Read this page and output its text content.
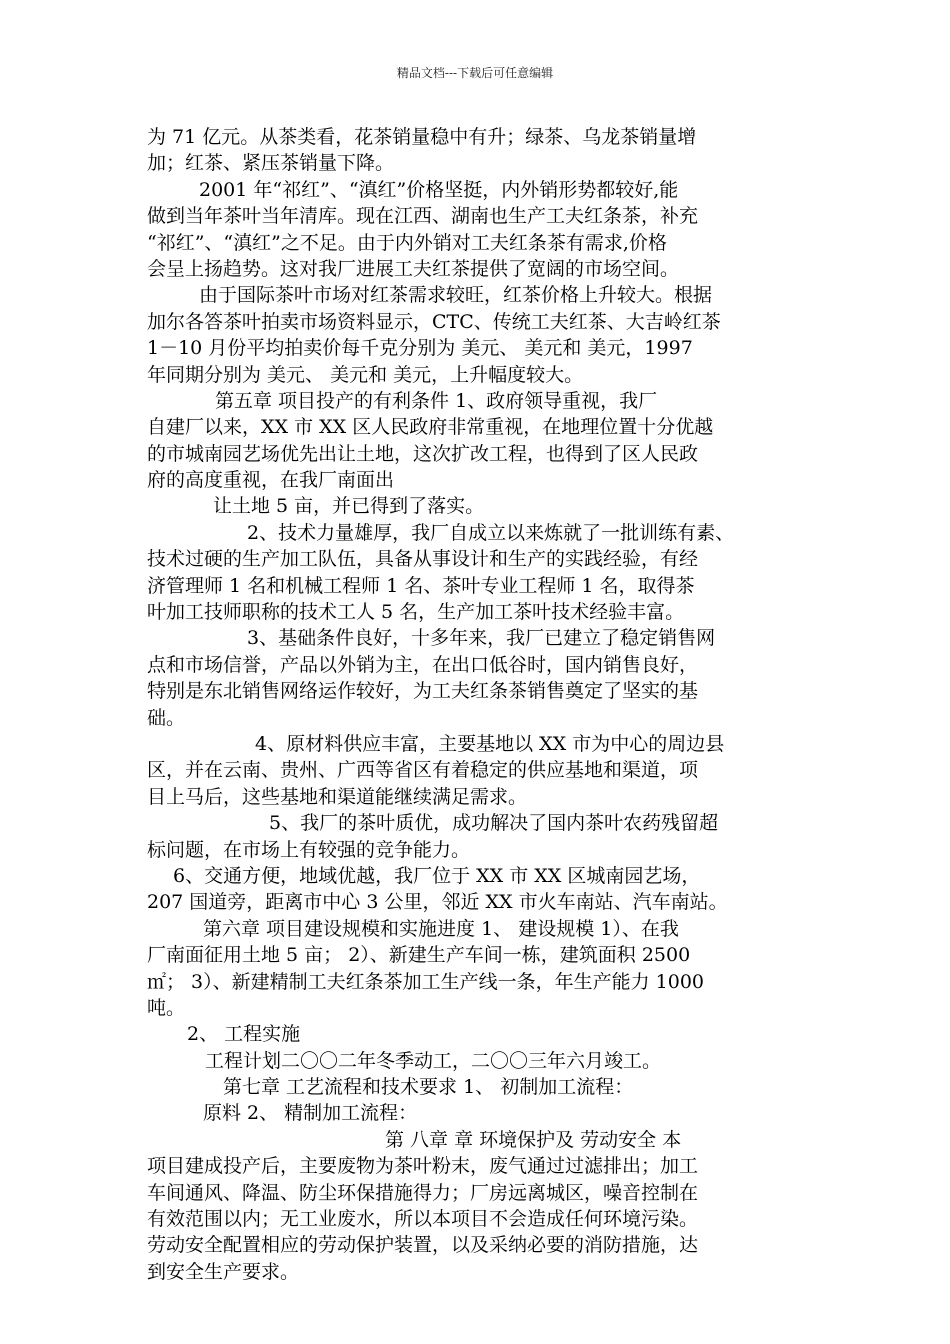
精品文档---下载后可任意编辑
为 71 亿元。从茶类看，花茶销量稳中有升；绿茶、乌龙茶销量增
加；红茶、紧压茶销量下降。
2001 年“祁红”、“滇红”价格坚挺，内外销形势都较好,能
做到当年茶叶当年清库。现在江西、湖南也生产工夫红条茶，补充
“祁红”、“滇红”之不足。由于内外销对工夫红条茶有需求,价格
会呈上扬趋势。这对我厂进展工夫红茶提供了宽阔的市场空间。
由于国际茶叶市场对红茶需求较旺，红茶价格上升较大。根据
加尔各答茶叶拍卖市场资料显示，CTC、传统工夫红茶、大吉岭红茶
1－10 月份平均拍卖价每千克分别为 美元、 美元和 美元，1997
年同期分别为 美元、 美元和 美元，上升幅度较大。
第五章 项目投产的有利条件 1、政府领导重视，我厂
自建厂以来，XX 市 XX 区人民政府非常重视，在地理位置十分优越
的市城南园艺场优先出让土地，这次扩改工程，也得到了区人民政
府的高度重视，在我厂南面出
让土地 5 亩，并已得到了落实。
2、技术力量雄厚，我厂自成立以来炼就了一批训练有素、
技术过硬的生产加工队伍，具备从事设计和生产的实践经验，有经
济管理师 1 名和机械工程师 1 名、茶叶专业工程师 1 名，取得茶
叶加工技师职称的技术工人 5 名，生产加工茶叶技术经验丰富。
3、基础条件良好，十多年来，我厂已建立了稳定销售网
点和市场信誉，产品以外销为主，在出口低谷时，国内销售良好，
特别是东北销售网络运作较好，为工夫红条茶销售奠定了坚实的基
础。
4、原材料供应丰富，主要基地以 XX 市为中心的周边县
区，并在云南、贵州、广西等省区有着稳定的供应基地和渠道，项
目上马后，这些基地和渠道能继续满足需求。
5、我厂的茶叶质优，成功解决了国内茶叶农药残留超
标问题，在市场上有较强的竞争能力。
6、交通方便，地域优越，我厂位于 XX 市 XX 区城南园艺场，
207 国道旁，距离市中心 3 公里，邻近 XX 市火车南站、汽车南站。
第六章 项目建设规模和实施进度 1、 建设规模 1）、在我
厂南面征用土地 5 亩； 2）、新建生产车间一栋，建筑面积 2500
㎡； 3）、新建精制工夫红条茶加工生产线一条，年生产能力 1000
吨。
2、 工程实施
工程计划二〇〇二年冬季动工，二〇〇三年六月竣工。
第七章 工艺流程和技术要求 1、 初制加工流程：
原料 2、 精制加工流程：
第 八章 章 环境保护及 劳动安全 本
项目建成投产后，主要废物为茶叶粉末，废气通过过滤排出；加工
车间通风、降温、防尘环保措施得力；厂房远离城区，噪音控制在
有效范围以内；无工业废水，所以本项目不会造成任何环境污染。
劳动安全配置相应的劳动保护装置，以及采纳必要的消防措施，达
到安全生产要求。
